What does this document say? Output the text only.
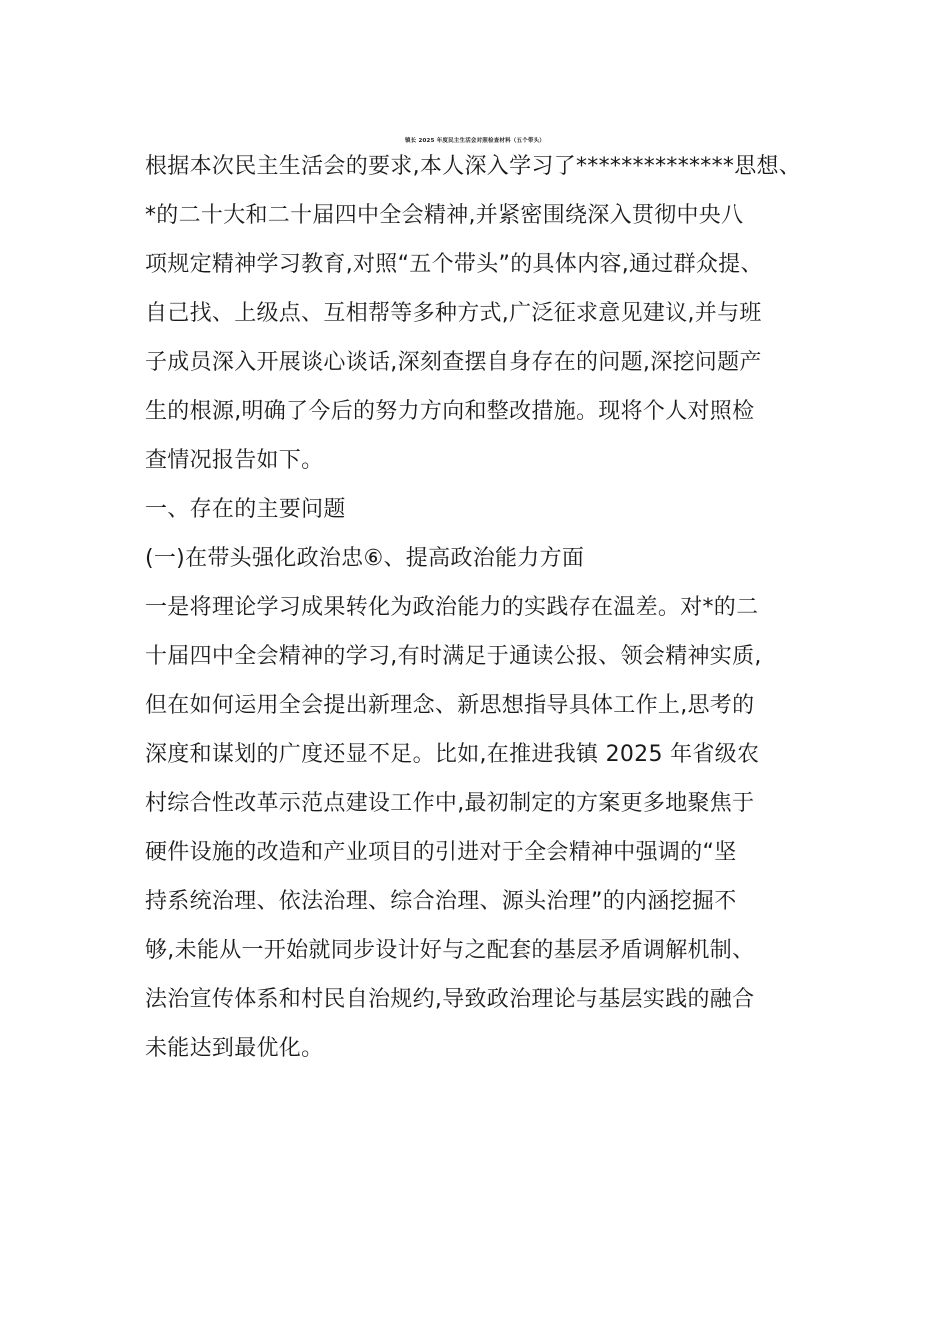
镇长 2025 年度民主生活会对照检查材料（五个带头）
根据本次民主生活会的要求,本人深入学习了**************思想、
*的二十大和二十届四中全会精神,并紧密围绕深入贯彻中央八
项规定精神学习教育,对照“五个带头”的具体内容,通过群众提、
自己找、上级点、互相帮等多种方式,广泛征求意见建议,并与班
子成员深入开展谈心谈话,深刻查摆自身存在的问题,深挖问题产
生的根源,明确了今后的努力方向和整改措施。现将个人对照检
查情况报告如下。
一、存在的主要问题
(一)在带头强化政治忠⑥、提高政治能力方面
一是将理论学习成果转化为政治能力的实践存在温差。对*的二
十届四中全会精神的学习,有时满足于通读公报、领会精神实质,
但在如何运用全会提出新理念、新思想指导具体工作上,思考的
深度和谋划的广度还显不足。比如,在推进我镇 2025 年省级农
村综合性改革示范点建设工作中,最初制定的方案更多地聚焦于
硬件设施的改造和产业项目的引进对于全会精神中强调的“坚
持系统治理、依法治理、综合治理、源头治理”的内涵挖掘不
够,未能从一开始就同步设计好与之配套的基层矛盾调解机制、
法治宣传体系和村民自治规约,导致政治理论与基层实践的融合
未能达到最优化。
